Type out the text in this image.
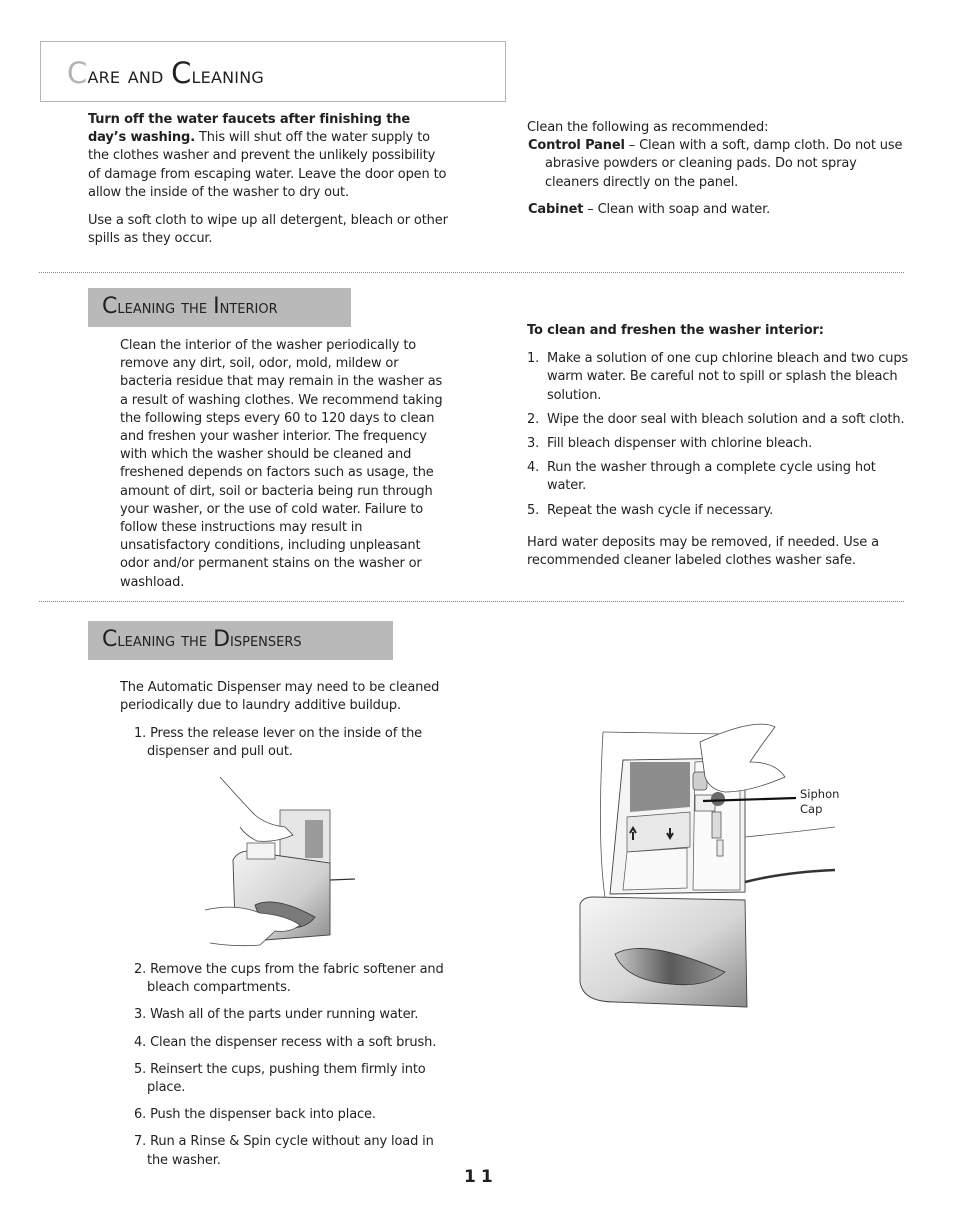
Care and Cleaning

Turn off the water faucets after finishing the day’s washing. This will shut off the water supply to the clothes washer and prevent the unlikely possibility of damage from escaping water. Leave the door open to allow the inside of the washer to dry out.

Use a soft cloth to wipe up all detergent, bleach or other spills as they occur.

Clean the following as recommended:
Control Panel – Clean with a soft, damp cloth. Do not use abrasive powders or cleaning pads. Do not spray cleaners directly on the panel.
Cabinet – Clean with soap and water.
Cleaning the Interior
Clean the interior of the washer periodically to remove any dirt, soil, odor, mold, mildew or bacteria residue that may remain in the washer as a result of washing clothes. We recommend taking the following steps every 60 to 120 days to clean and freshen your washer interior. The frequency with which the washer should be cleaned and freshened depends on factors such as usage, the amount of dirt, soil or bacteria being run through your washer, or the use of cold water. Failure to follow these instructions may result in unsatisfactory conditions, including unpleasant odor and/or permanent stains on the washer or washload.
To clean and freshen the washer interior:
1. Make a solution of one cup chlorine bleach and two cups warm water. Be careful not to spill or splash the bleach solution.
2. Wipe the door seal with bleach solution and a soft cloth.
3. Fill bleach dispenser with chlorine bleach.
4. Run the washer through a complete cycle using hot water.
5. Repeat the wash cycle if necessary.
Hard water deposits may be removed, if needed. Use a recommended cleaner labeled clothes washer safe.
Cleaning the Dispensers
The Automatic Dispenser may need to be cleaned periodically due to laundry additive buildup.
1. Press the release lever on the inside of the dispenser and pull out.
2. Remove the cups from the fabric softener and bleach compartments.
3. Wash all of the parts under running water.
4. Clean the dispenser recess with a soft brush.
5. Reinsert the cups, pushing them firmly into place.
6. Push the dispenser back into place.
7. Run a Rinse & Spin cycle without any load in the washer.
Siphon
Cap
11
